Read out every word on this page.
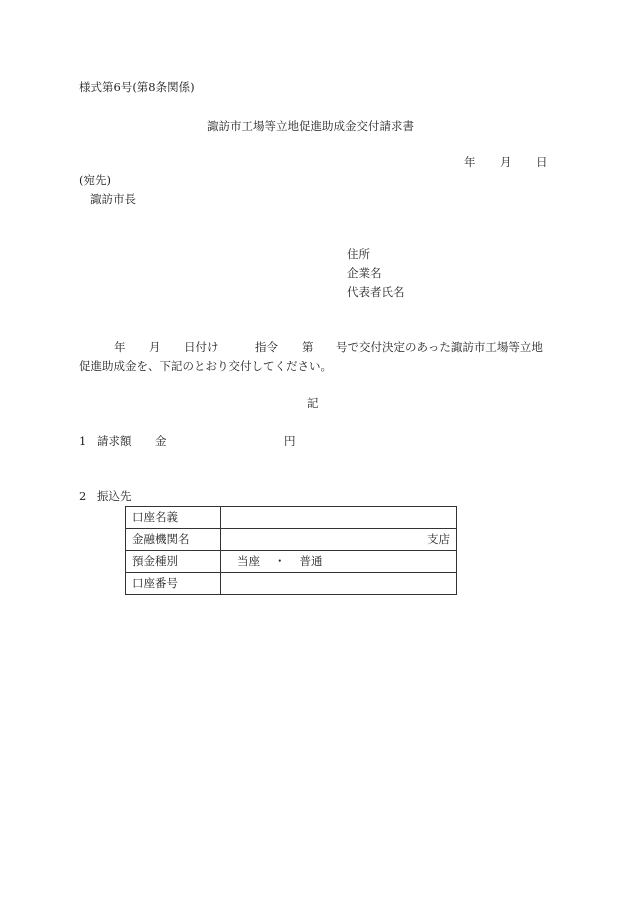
様式第6号(第8条関係)
諏訪市工場等立地促進助成金交付請求書
年 月 日
(宛先)
諏訪市長
住所
企業名
代表者氏名
年 月 日付け	指令 第 号で交付決定のあった諏訪市工場等立地
促進助成金を、下記のとおり交付してください。
記
1 請求額 金	円
2 振込先
口座名義	
金融機関名	支店

預金種別	当座 ・ 普通
口座番号	
